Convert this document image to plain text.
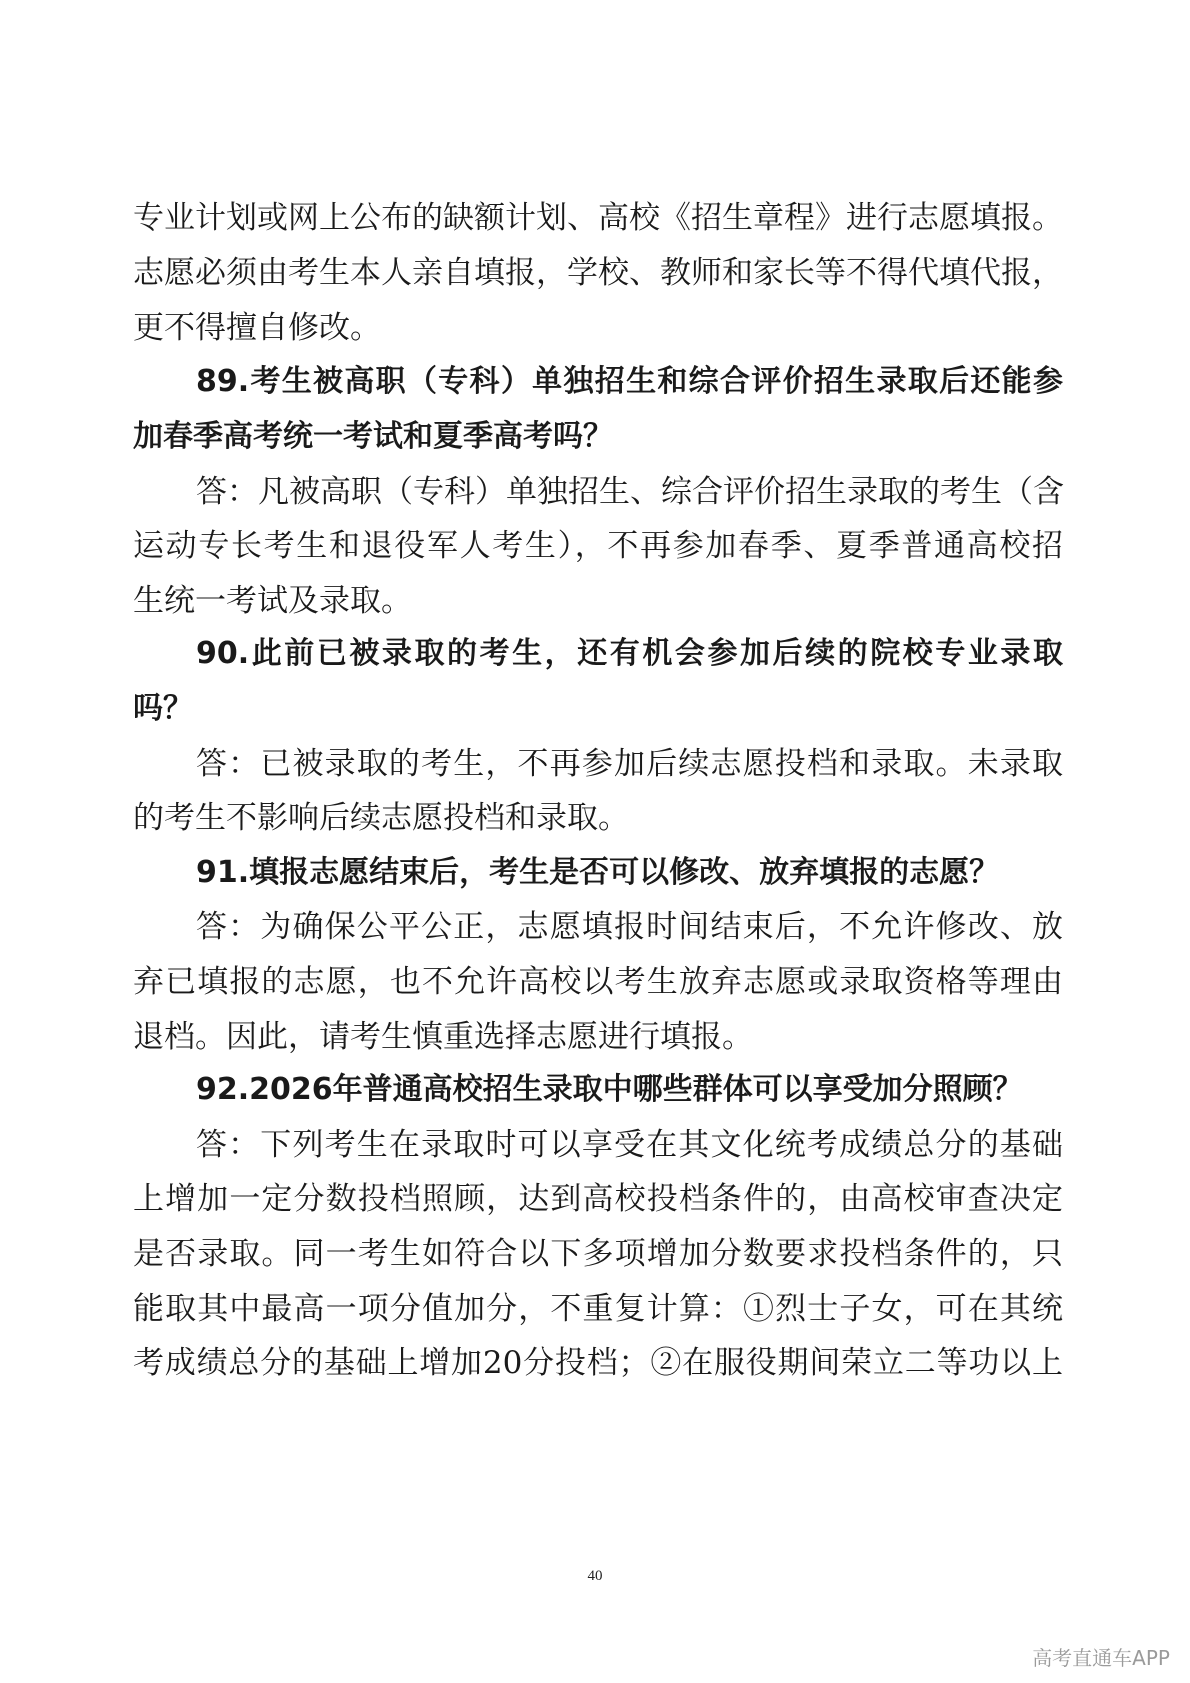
专业计划或网上公布的缺额计划、高校《招生章程》进行志愿填报。
志愿必须由考生本人亲自填报，学校、教师和家长等不得代填代报，
更不得擅自修改。
89.考生被高职（专科）单独招生和综合评价招生录取后还能参
加春季高考统一考试和夏季高考吗？
答：凡被高职（专科）单独招生、综合评价招生录取的考生（含
运动专长考生和退役军人考生），不再参加春季、夏季普通高校招
生统一考试及录取。
90.此前已被录取的考生，还有机会参加后续的院校专业录取
吗？
答：已被录取的考生，不再参加后续志愿投档和录取。未录取
的考生不影响后续志愿投档和录取。
91.填报志愿结束后，考生是否可以修改、放弃填报的志愿？
答：为确保公平公正，志愿填报时间结束后，不允许修改、放
弃已填报的志愿，也不允许高校以考生放弃志愿或录取资格等理由
退档。因此，请考生慎重选择志愿进行填报。
92.2026年普通高校招生录取中哪些群体可以享受加分照顾？
答：下列考生在录取时可以享受在其文化统考成绩总分的基础
上增加一定分数投档照顾，达到高校投档条件的，由高校审查决定
是否录取。同一考生如符合以下多项增加分数要求投档条件的，只
能取其中最高一项分值加分，不重复计算：①烈士子女，可在其统
考成绩总分的基础上增加20分投档；②在服役期间荣立二等功以上
40
高考直通车APP
